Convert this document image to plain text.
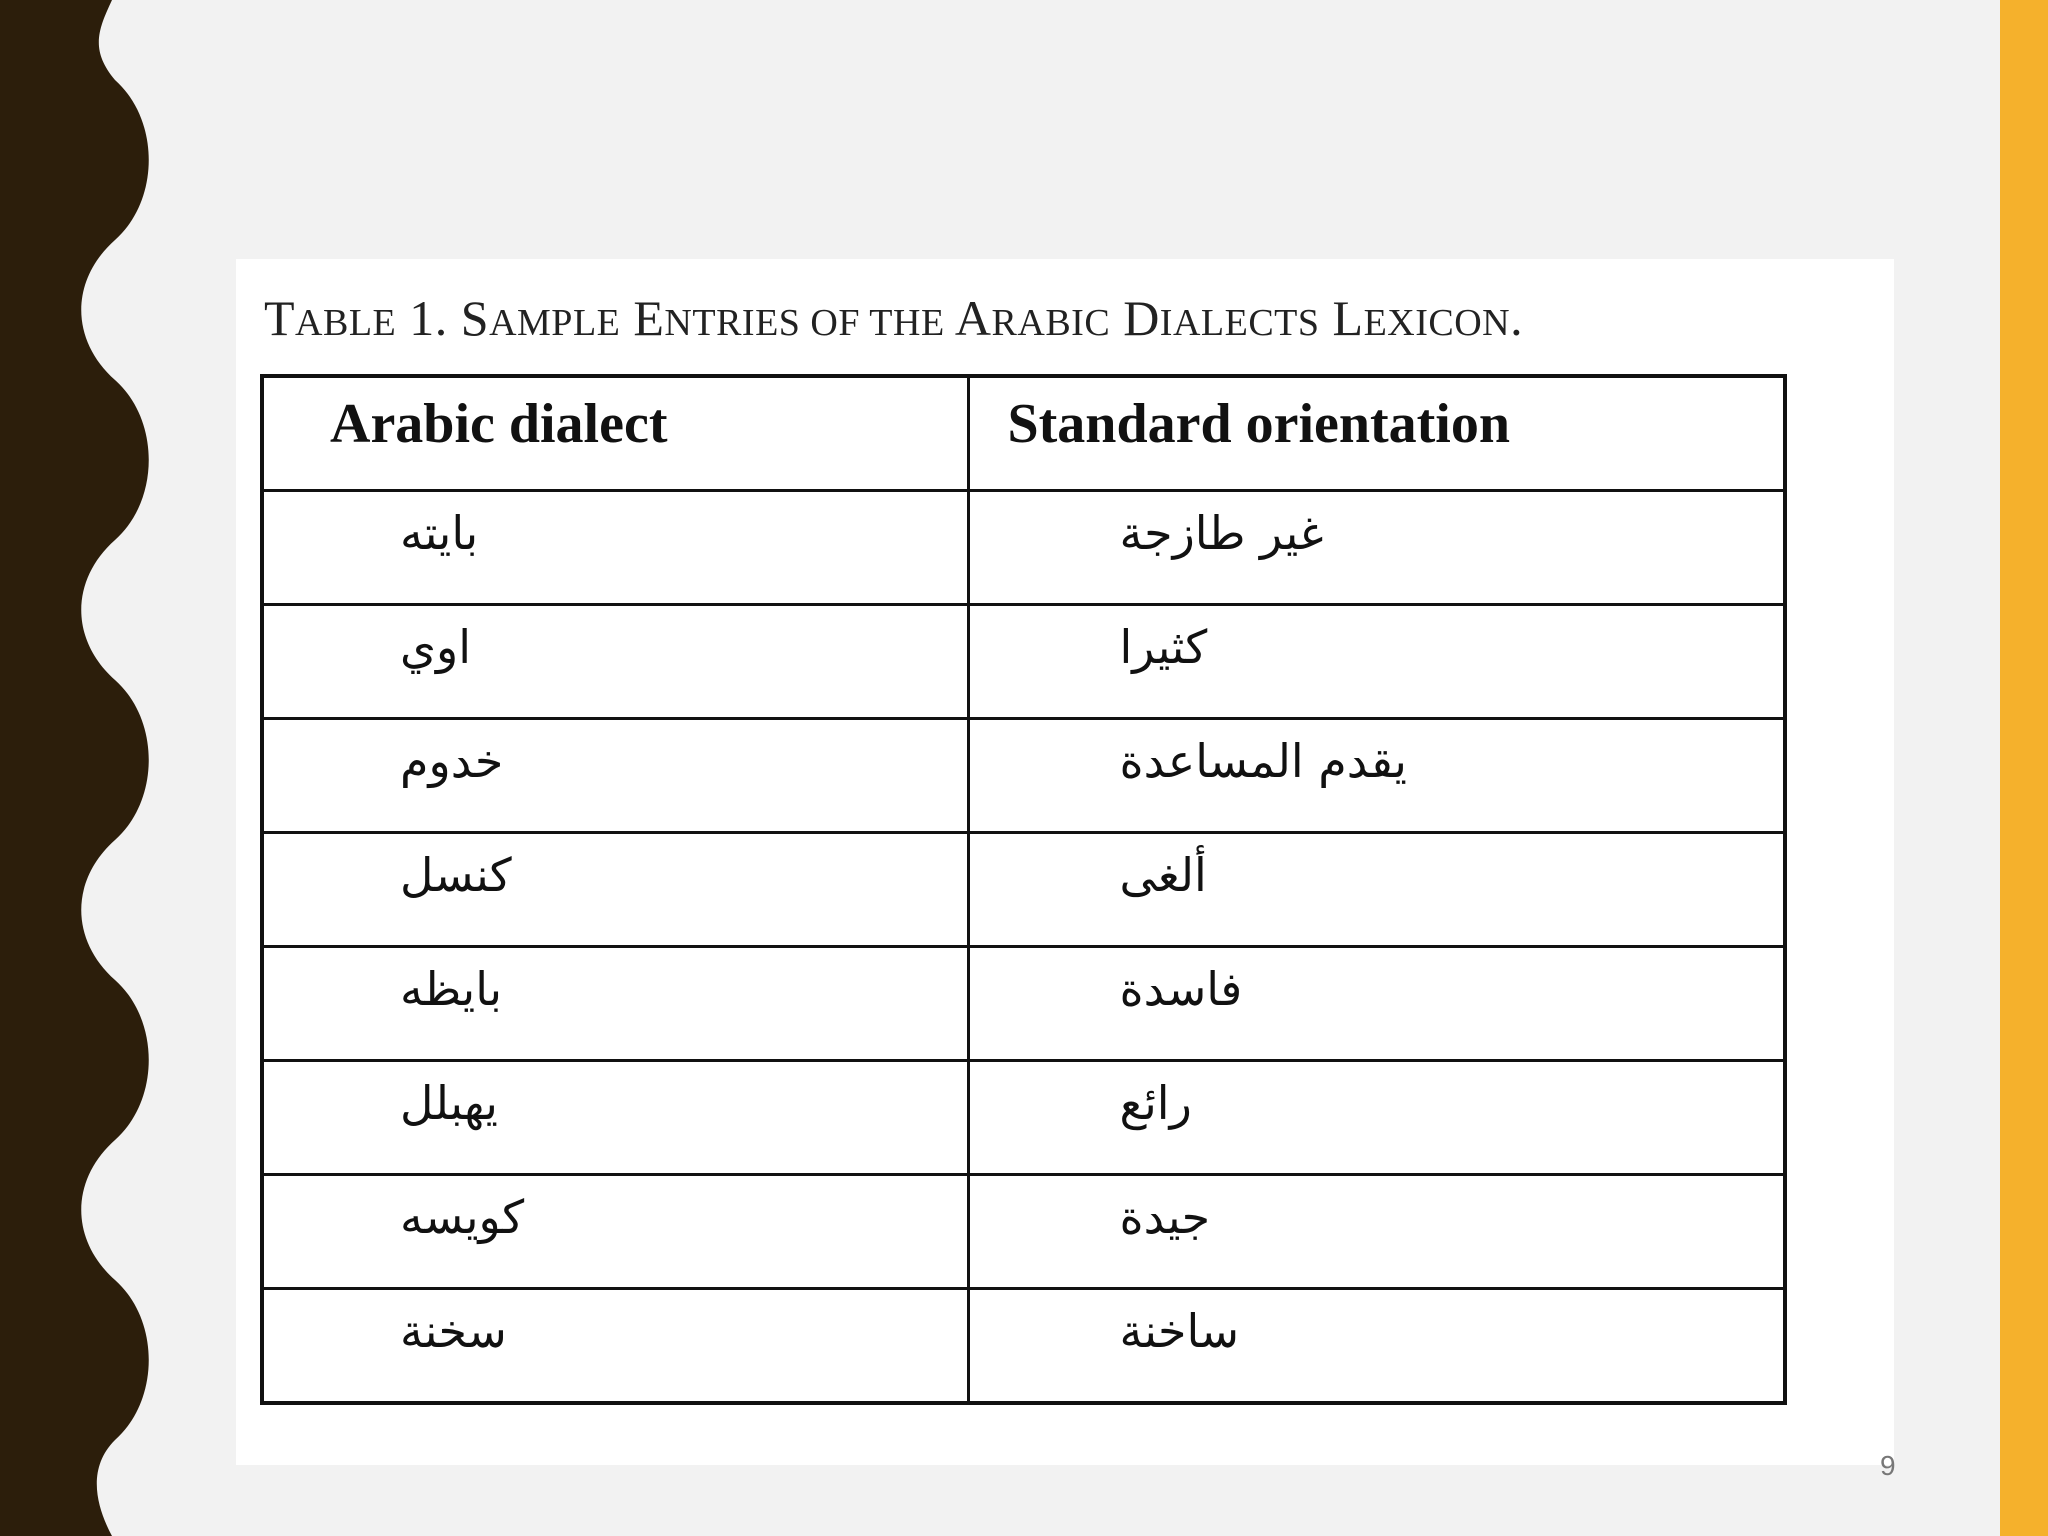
TABLE 1. SAMPLE ENTRIES OF THE ARABIC DIALECTS LEXICON.
Arabic dialect	Standard orientation
بايته	غير طازجة
اوي	كثيرا
خدوم	يقدم المساعدة
كنسل	ألغى
بايظه	فاسدة
يهبلل	رائع
كويسه	جيدة
سخنة	ساخنة
9
